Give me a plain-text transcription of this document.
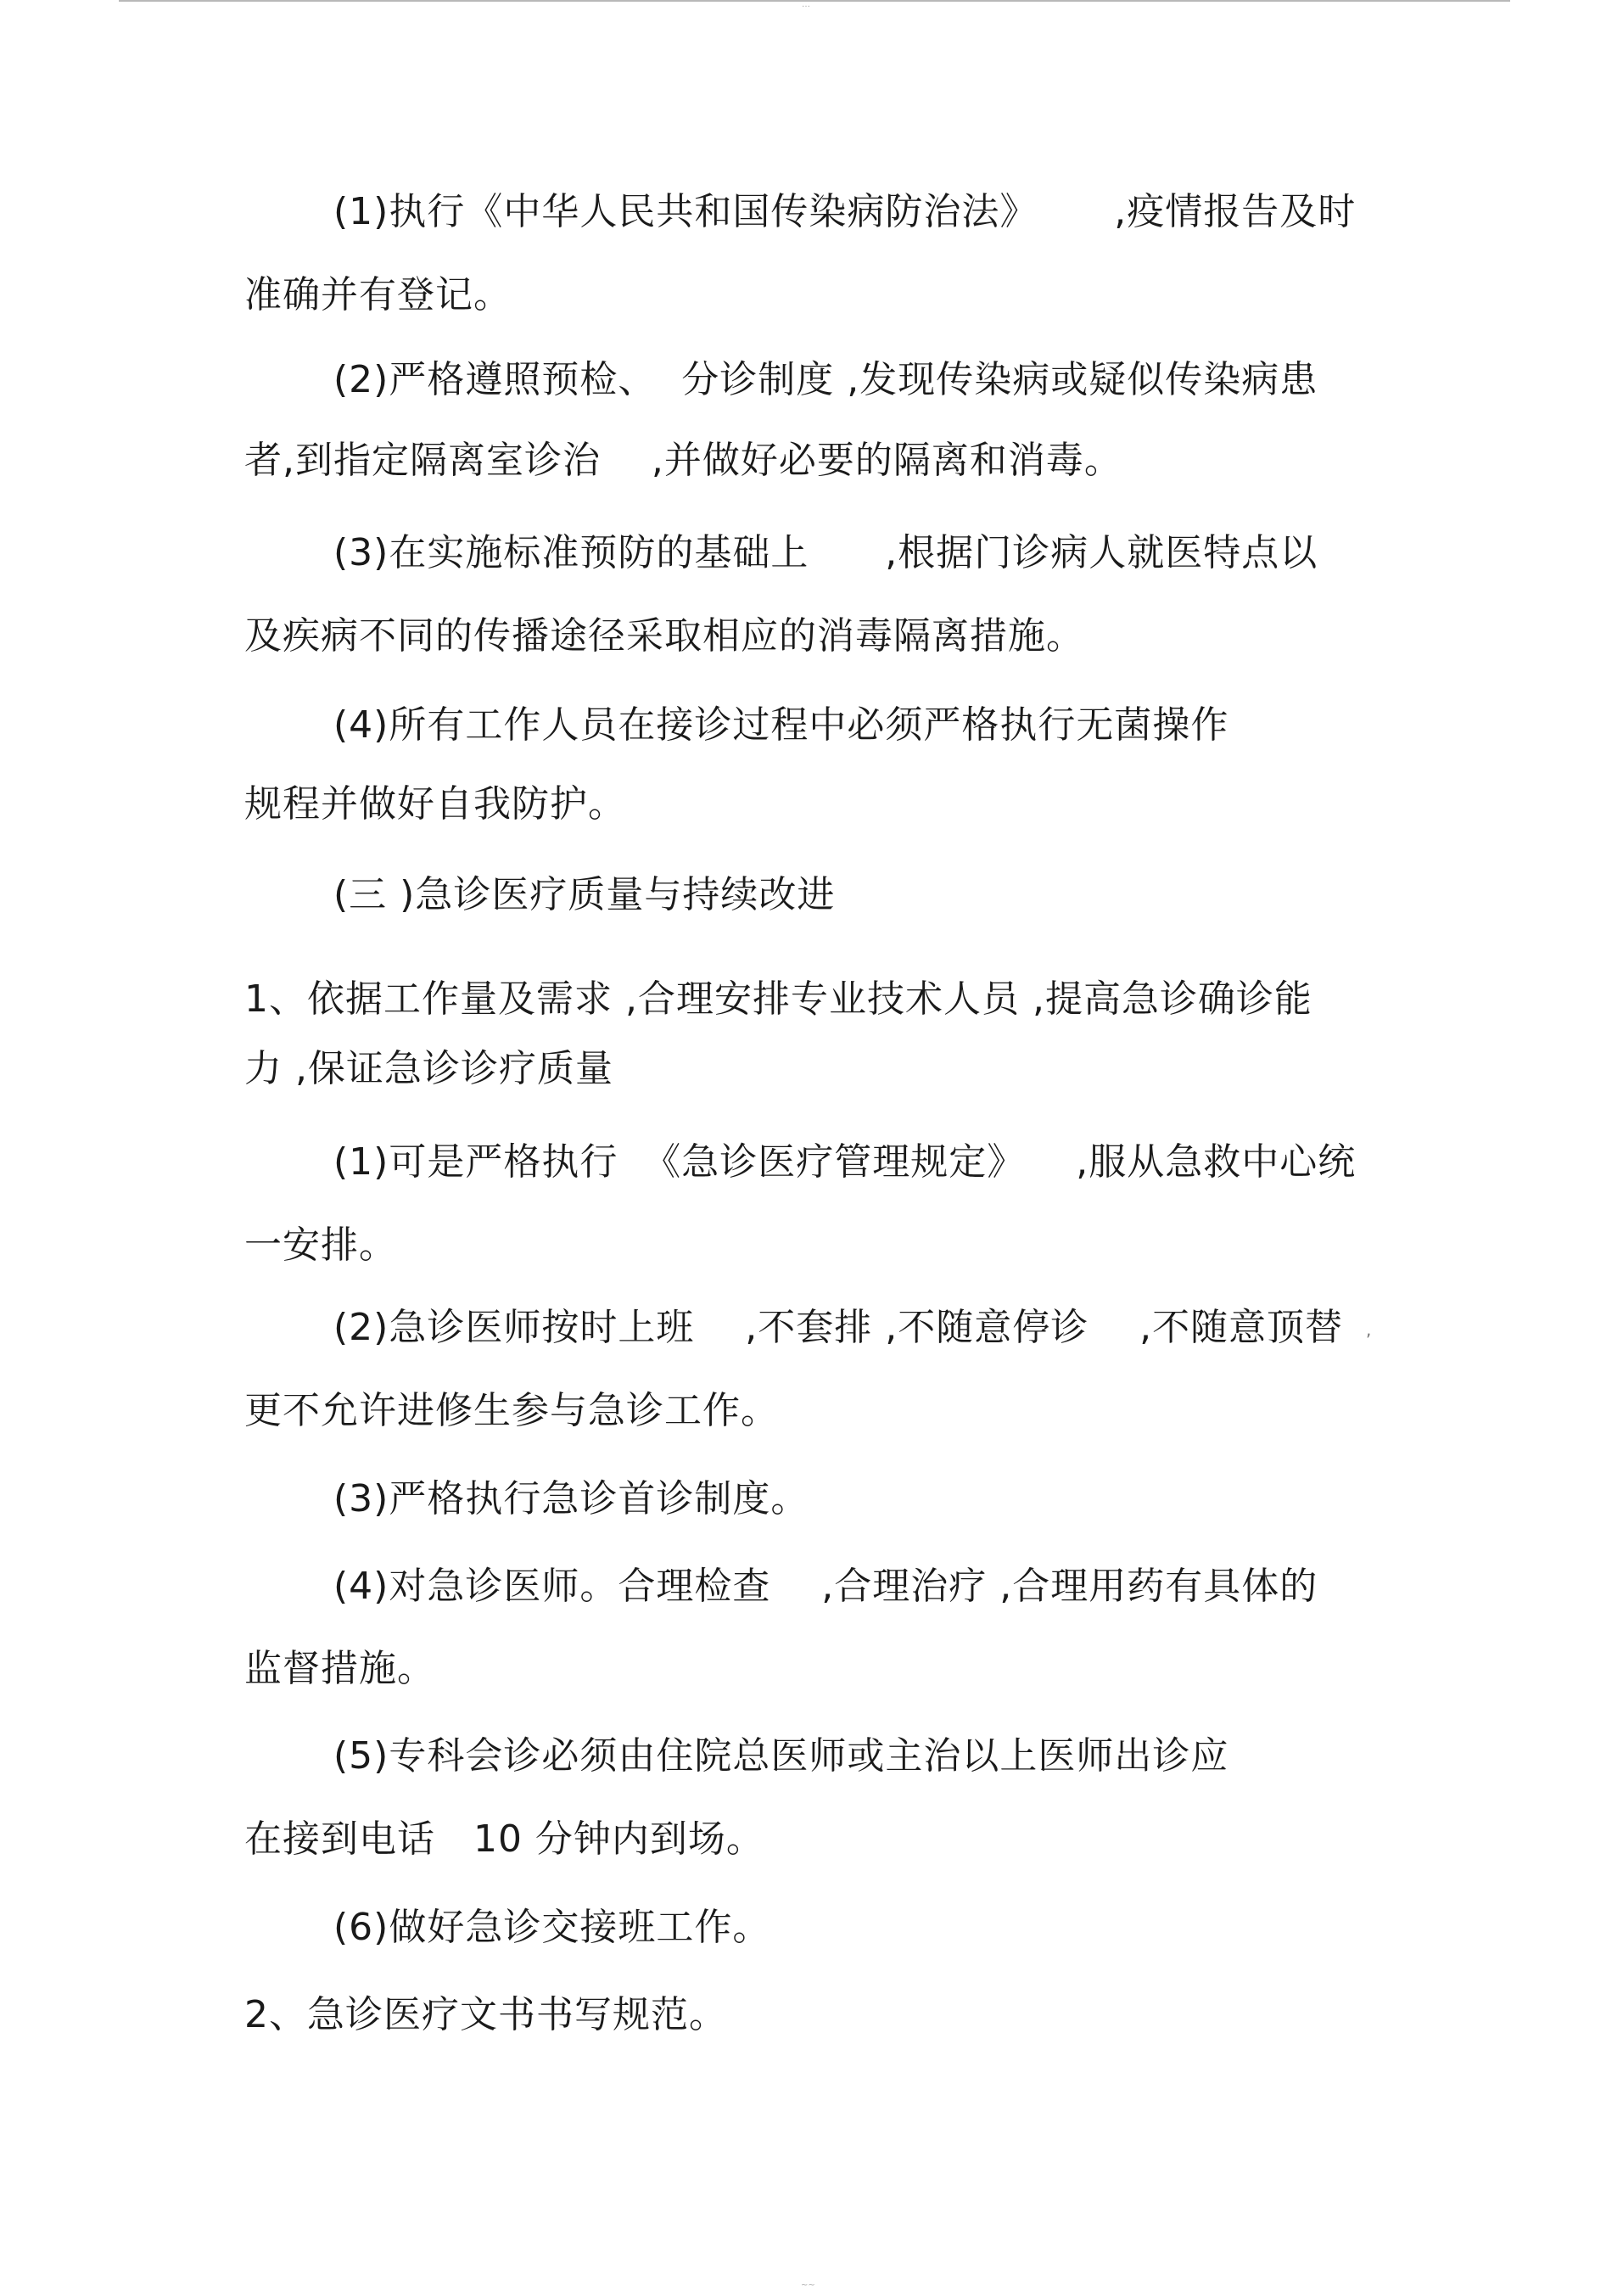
…
(1)执行《中华人民共和国传染病防治法》      ,疫情报告及时
准确并有登记。
(2)严格遵照预检、  分诊制度 ,发现传染病或疑似传染病患
者,到指定隔离室诊治    ,并做好必要的隔离和消毒。
(3)在实施标准预防的基础上      ,根据门诊病人就医特点以
及疾病不同的传播途径采取相应的消毒隔离措施。
(4)所有工作人员在接诊过程中必须严格执行无菌操作
规程并做好自我防护。
(三 )急诊医疗质量与持续改进
1、依据工作量及需求 ,合理安排专业技术人员 ,提高急诊确诊能
力 ,保证急诊诊疗质量
(1)可是严格执行  《急诊医疗管理规定》    ,服从急救中心统
一安排。
(2)急诊医师按时上班    ,不套排 ,不随意停诊    ,不随意顶替
更不允许进修生参与急诊工作。
(3)严格执行急诊首诊制度。
(4)对急诊医师。合理检查    ,合理治疗 ,合理用药有具体的
监督措施。
(5)专科会诊必须由住院总医师或主治以上医师出诊应
在接到电话   10 分钟内到场。
(6)做好急诊交接班工作。
2、急诊医疗文书书写规范。
,
~~
